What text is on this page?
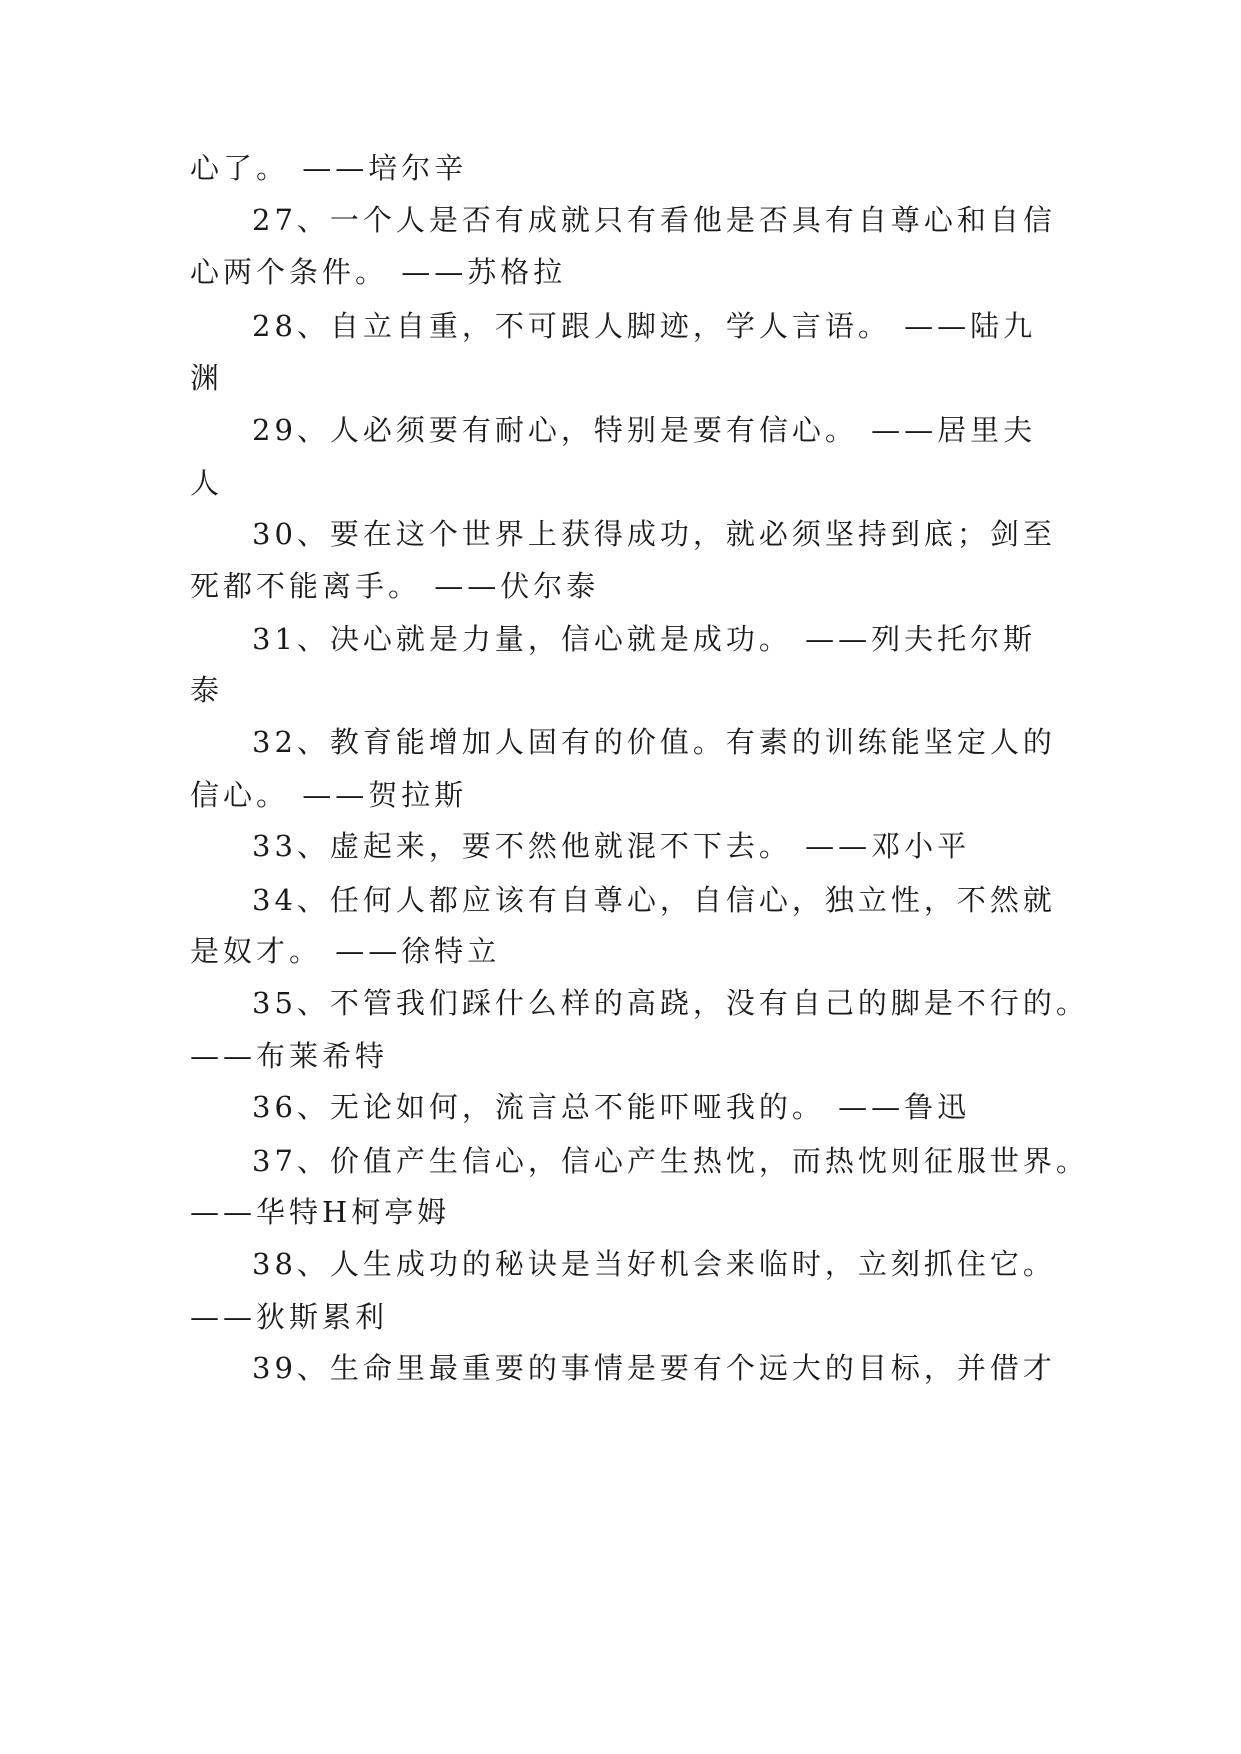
心了。 ——培尔辛
27、一个人是否有成就只有看他是否具有自尊心和自信
心两个条件。 ——苏格拉
28、自立自重，不可跟人脚迹，学人言语。 ——陆九
渊
29、人必须要有耐心，特别是要有信心。 ——居里夫
人
30、要在这个世界上获得成功，就必须坚持到底；剑至
死都不能离手。 ——伏尔泰
31、决心就是力量，信心就是成功。 ——列夫托尔斯
泰
32、教育能增加人固有的价值。有素的训练能坚定人的
信心。 ——贺拉斯
33、虚起来，要不然他就混不下去。 ——邓小平
34、任何人都应该有自尊心，自信心，独立性，不然就
是奴才。 ——徐特立
35、不管我们踩什么样的高跷，没有自己的脚是不行的。
——布莱希特
36、无论如何，流言总不能吓哑我的。 ——鲁迅
37、价值产生信心，信心产生热忱，而热忱则征服世界。
——华特H柯亭姆
38、人生成功的秘诀是当好机会来临时，立刻抓住它。
——狄斯累利
39、生命里最重要的事情是要有个远大的目标，并借才
